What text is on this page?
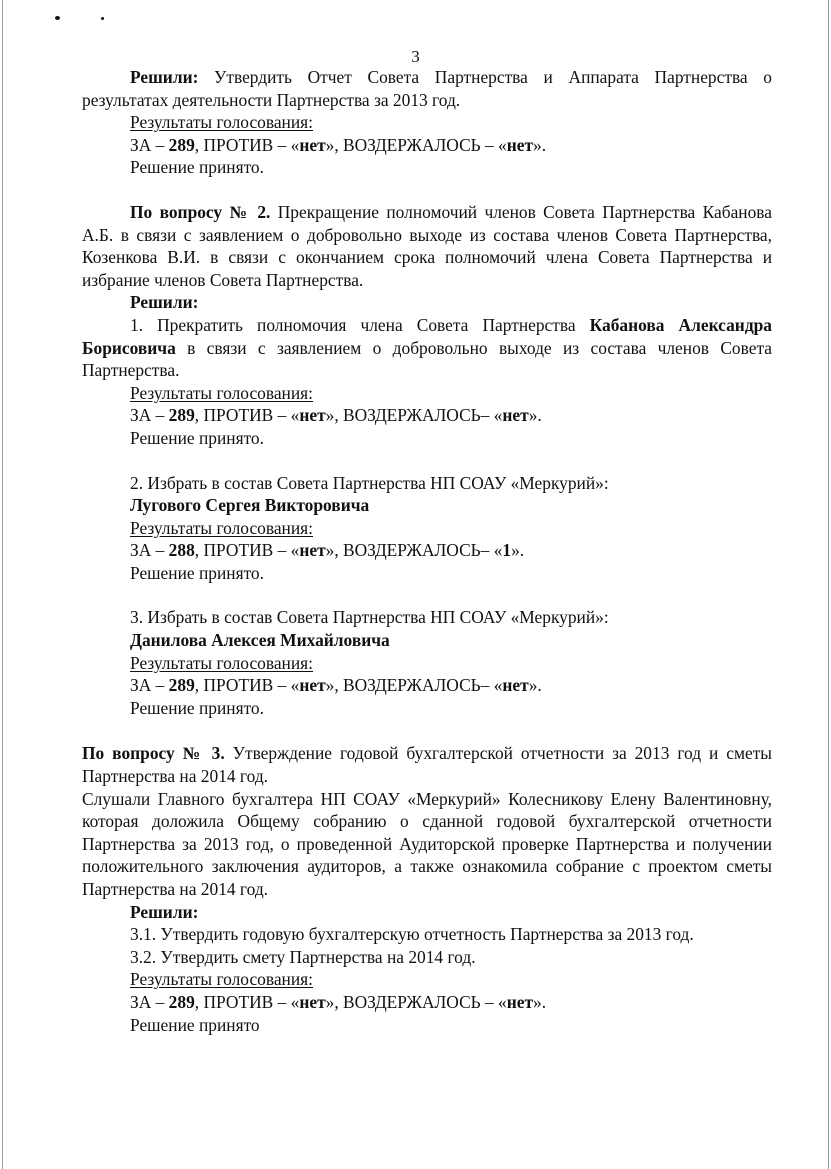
3

Решили: Утвердить Отчет Совета Партнерства и Аппарата Партнерства о результатах деятельности Партнерства за 2013 год.

Результаты голосования:

ЗА – 289, ПРОТИВ – «нет», ВОЗДЕРЖАЛОСЬ – «нет».

Решение принято.

По вопросу № 2. Прекращение полномочий членов Совета Партнерства Кабанова А.Б. в связи с заявлением о добровольно выходе из состава членов Совета Партнерства, Козенкова В.И. в связи с окончанием срока полномочий члена Совета Партнерства и избрание членов Совета Партнерства.

Решили:

1. Прекратить полномочия члена Совета Партнерства Кабанова Александра Борисовича в связи с заявлением о добровольно выходе из состава членов Совета Партнерства.

Результаты голосования:

ЗА – 289, ПРОТИВ – «нет», ВОЗДЕРЖАЛОСЬ– «нет».

Решение принято.

2. Избрать в состав Совета Партнерства НП СОАУ «Меркурий»:

Лугового Сергея Викторовича

Результаты голосования:

ЗА – 288, ПРОТИВ – «нет», ВОЗДЕРЖАЛОСЬ– «1».

Решение принято.

3. Избрать в состав Совета Партнерства НП СОАУ «Меркурий»:

Данилова Алексея Михайловича

Результаты голосования:

ЗА – 289, ПРОТИВ – «нет», ВОЗДЕРЖАЛОСЬ– «нет».

Решение принято.

По вопросу № 3. Утверждение годовой бухгалтерской отчетности за 2013 год и сметы Партнерства на 2014 год.

Слушали Главного бухгалтера НП СОАУ «Меркурий» Колесникову Елену Валентиновну, которая доложила Общему собранию о сданной годовой бухгалтерской отчетности Партнерства за 2013 год, о проведенной Аудиторской проверке Партнерства и получении положительного заключения аудиторов, а также ознакомила собрание с проектом сметы Партнерства на 2014 год.

Решили:

3.1. Утвердить годовую бухгалтерскую отчетность Партнерства за 2013 год.

3.2. Утвердить смету Партнерства на 2014 год.

Результаты голосования:

ЗА – 289, ПРОТИВ – «нет», ВОЗДЕРЖАЛОСЬ – «нет».

Решение принято
